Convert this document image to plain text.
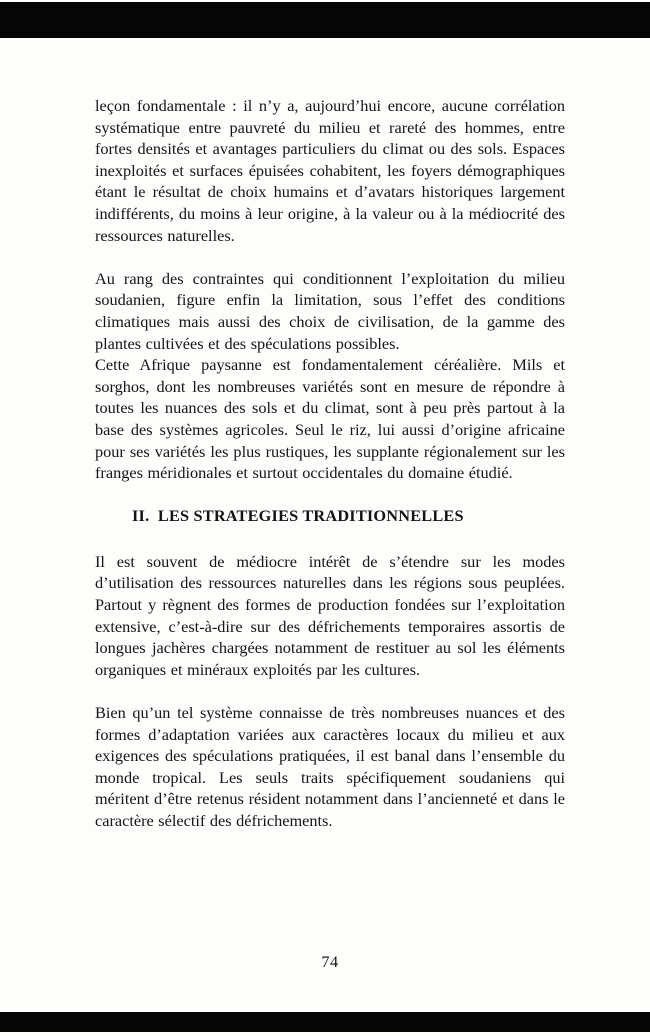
leçon fondamentale : il n’y a, aujourd’hui encore, aucune corrélation systématique entre pauvreté du milieu et rareté des hommes, entre fortes densités et avantages particuliers du climat ou des sols. Espaces inexploités et surfaces épuisées cohabitent, les foyers démographiques étant le résultat de choix humains et d’avatars historiques largement indifférents, du moins à leur origine, à la valeur ou à la médiocrité des ressources naturelles.

Au rang des contraintes qui conditionnent l’exploitation du milieu soudanien, figure enfin la limitation, sous l’effet des conditions climatiques mais aussi des choix de civilisation, de la gamme des plantes cultivées et des spéculations possibles.

Cette Afrique paysanne est fondamentalement céréalière. Mils et sorghos, dont les nombreuses variétés sont en mesure de répondre à toutes les nuances des sols et du climat, sont à peu près partout à la base des systèmes agricoles. Seul le riz, lui aussi d’origine africaine pour ses variétés les plus rustiques, les supplante régionalement sur les franges méridionales et surtout occidentales du domaine étudié.

II.  LES STRATEGIES TRADITIONNELLES

Il est souvent de médiocre intérêt de s’étendre sur les modes d’utilisation des ressources naturelles dans les régions sous peuplées. Partout y règnent des formes de production fondées sur l’exploitation extensive, c’est-à-dire sur des défrichements temporaires assortis de longues jachères chargées notamment de restituer au sol les éléments organiques et minéraux exploités par les cultures.

Bien qu’un tel système connaisse de très nombreuses nuances et des formes d’adaptation variées aux caractères locaux du milieu et aux exigences des spéculations pratiquées, il est banal dans l’ensemble du monde tropical. Les seuls traits spécifiquement soudaniens qui méritent d’être retenus résident notamment dans l’ancienneté et dans le caractère sélectif des défrichements.

74
